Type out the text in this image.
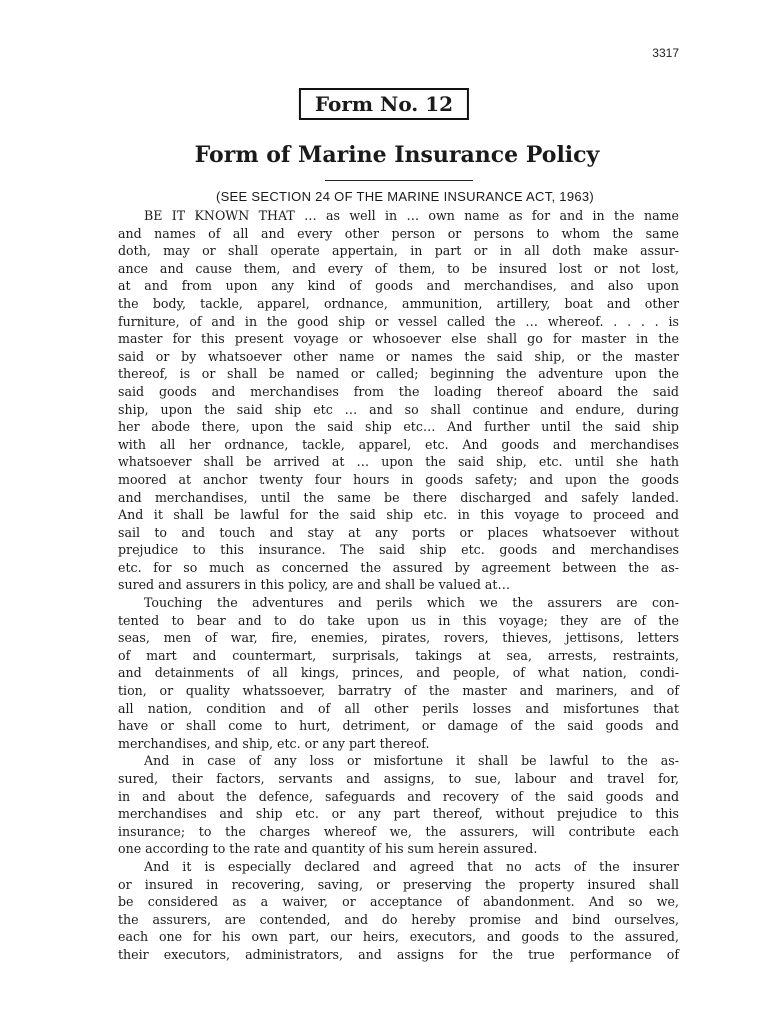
3317
Form No. 12
Form of Marine Insurance Policy
(SEE SECTION 24 OF THE MARINE INSURANCE ACT, 1963)
BE IT KNOWN THAT … as well in … own name as for and in the name
and names of all and every other person or persons to whom the same
doth, may or shall operate appertain, in part or in all doth make assur-
ance and cause them, and every of them, to be insured lost or not lost,
at and from upon any kind of goods and merchandises, and also upon
the body, tackle, apparel, ordnance, ammunition, artillery, boat and other
furniture, of and in the good ship or vessel called the … whereof. . . . . is
master for this present voyage or whosoever else shall go for master in the
said or by whatsoever other name or names the said ship, or the master
thereof, is or shall be named or called; beginning the adventure upon the
said goods and merchandises from the loading thereof aboard the said
ship, upon the said ship etc … and so shall continue and endure, during
her abode there, upon the said ship etc… And further until the said ship
with all her ordnance, tackle, apparel, etc. And goods and merchandises
whatsoever shall be arrived at … upon the said ship, etc. until she hath
moored at anchor twenty four hours in goods safety; and upon the goods
and merchandises, until the same be there discharged and safely landed.
And it shall be lawful for the said ship etc. in this voyage to proceed and
sail to and touch and stay at any ports or places whatsoever without
prejudice to this insurance. The said ship etc. goods and merchandises
etc. for so much as concerned the assured by agreement between the as-
sured and assurers in this policy, are and shall be valued at…
Touching the adventures and perils which we the assurers are con-
tented to bear and to do take upon us in this voyage; they are of the
seas, men of war, fire, enemies, pirates, rovers, thieves, jettisons, letters
of mart and countermart, surprisals, takings at sea, arrests, restraints,
and detainments of all kings, princes, and people, of what nation, condi-
tion, or quality whatssoever, barratry of the master and mariners, and of
all nation, condition and of all other perils losses and misfortunes that
have or shall come to hurt, detriment, or damage of the said goods and
merchandises, and ship, etc. or any part thereof.
And in case of any loss or misfortune it shall be lawful to the as-
sured, their factors, servants and assigns, to sue, labour and travel for,
in and about the defence, safeguards and recovery of the said goods and
merchandises and ship etc. or any part thereof, without prejudice to this
insurance; to the charges whereof we, the assurers, will contribute each
one according to the rate and quantity of his sum herein assured.
And it is especially declared and agreed that no acts of the insurer
or insured in recovering, saving, or preserving the property insured shall
be considered as a waiver, or acceptance of abandonment. And so we,
the assurers, are contended, and do hereby promise and bind ourselves,
each one for his own part, our heirs, executors, and goods to the assured,
their executors, administrators, and assigns for the true performance of
